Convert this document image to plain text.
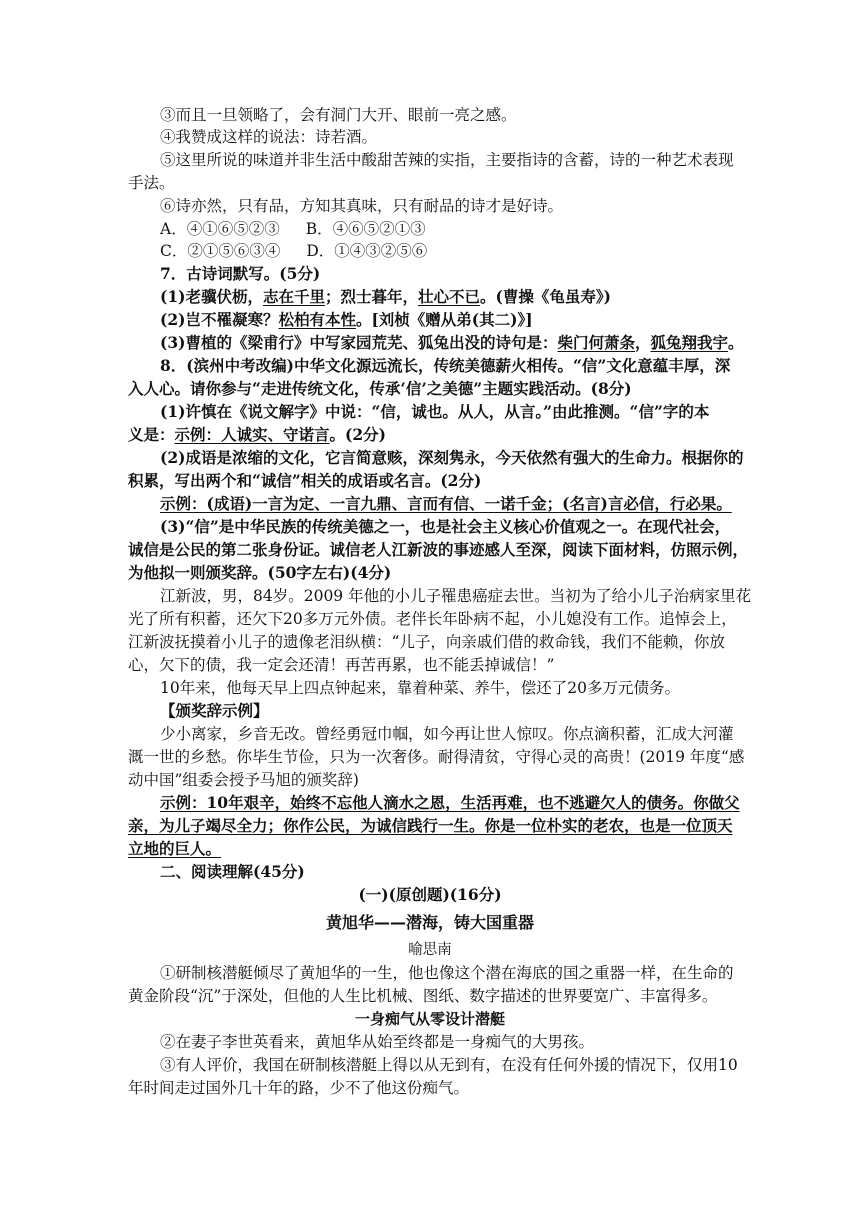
③而且一旦领略了，会有洞门大开、眼前一亮之感。
④我赞成这样的说法：诗若酒。
⑤这里所说的味道并非生活中酸甜苦辣的实指，主要指诗的含蓄，诗的一种艺术表现
手法。
⑥诗亦然，只有品，方知其真味，只有耐品的诗才是好诗。
A．④①⑥⑤②③ B．④⑥⑤②①③
C．②①⑤⑥③④ D．①④③②⑤⑥
7．古诗词默写。(5分)
(1)老骥伏枥，志在千里；烈士暮年，壮心不已。(曹操《龟虽寿》)
(2)岂不罹凝寒？松柏有本性。[刘桢《赠从弟(其二)》]
(3)曹植的《梁甫行》中写家园荒芜、狐兔出没的诗句是：柴门何萧条，狐兔翔我宇。
8．(滨州中考改编)中华文化源远流长，传统美德薪火相传。“信”文化意蕴丰厚，深
入人心。请你参与“走进传统文化，传承‘信’之美德”主题实践活动。(8分)
(1)许慎在《说文解字》中说：“信，诚也。从人，从言。”由此推测。“信”字的本
义是：示例：人诚实、守诺言。(2分)
(2)成语是浓缩的文化，它言简意赅，深刻隽永，今天依然有强大的生命力。根据你的
积累，写出两个和“诚信”相关的成语或名言。(2分)
示例：(成语)一言为定、一言九鼎、言而有信、一诺千金；(名言)言必信，行必果。
(3)“信”是中华民族的传统美德之一，也是社会主义核心价值观之一。在现代社会，
诚信是公民的第二张身份证。诚信老人江新波的事迹感人至深，阅读下面材料，仿照示例，
为他拟一则颁奖辞。(50字左右)(4分)
江新波，男，84岁。2009 年他的小儿子罹患癌症去世。当初为了给小儿子治病家里花
光了所有积蓄，还欠下20多万元外债。老伴长年卧病不起，小儿媳没有工作。追悼会上，
江新波抚摸着小儿子的遗像老泪纵横：“儿子，向亲戚们借的救命钱，我们不能赖，你放
心，欠下的债，我一定会还清！再苦再累，也不能丢掉诚信！”
10年来，他每天早上四点钟起来，靠着种菜、养牛，偿还了20多万元债务。
【颁奖辞示例】
少小离家，乡音无改。曾经勇冠巾帼，如今再让世人惊叹。你点滴积蓄，汇成大河灌
溉一世的乡愁。你毕生节俭，只为一次奢侈。耐得清贫，守得心灵的高贵！(2019 年度“感
动中国”组委会授予马旭的颁奖辞)
示例：10年艰辛，始终不忘他人滴水之恩，生活再难，也不逃避欠人的债务。你做父
亲，为儿子竭尽全力；你作公民，为诚信践行一生。你是一位朴实的老农，也是一位顶天
立地的巨人。
二、阅读理解(45分)
(一)(原创题)(16分)
黄旭华——潜海，铸大国重器
喻思南
①研制核潜艇倾尽了黄旭华的一生，他也像这个潜在海底的国之重器一样，在生命的
黄金阶段“沉”于深处，但他的人生比机械、图纸、数字描述的世界要宽广、丰富得多。
一身痴气从零设计潜艇
②在妻子李世英看来，黄旭华从始至终都是一身痴气的大男孩。
③有人评价，我国在研制核潜艇上得以从无到有，在没有任何外援的情况下，仅用10
年时间走过国外几十年的路，少不了他这份痴气。
